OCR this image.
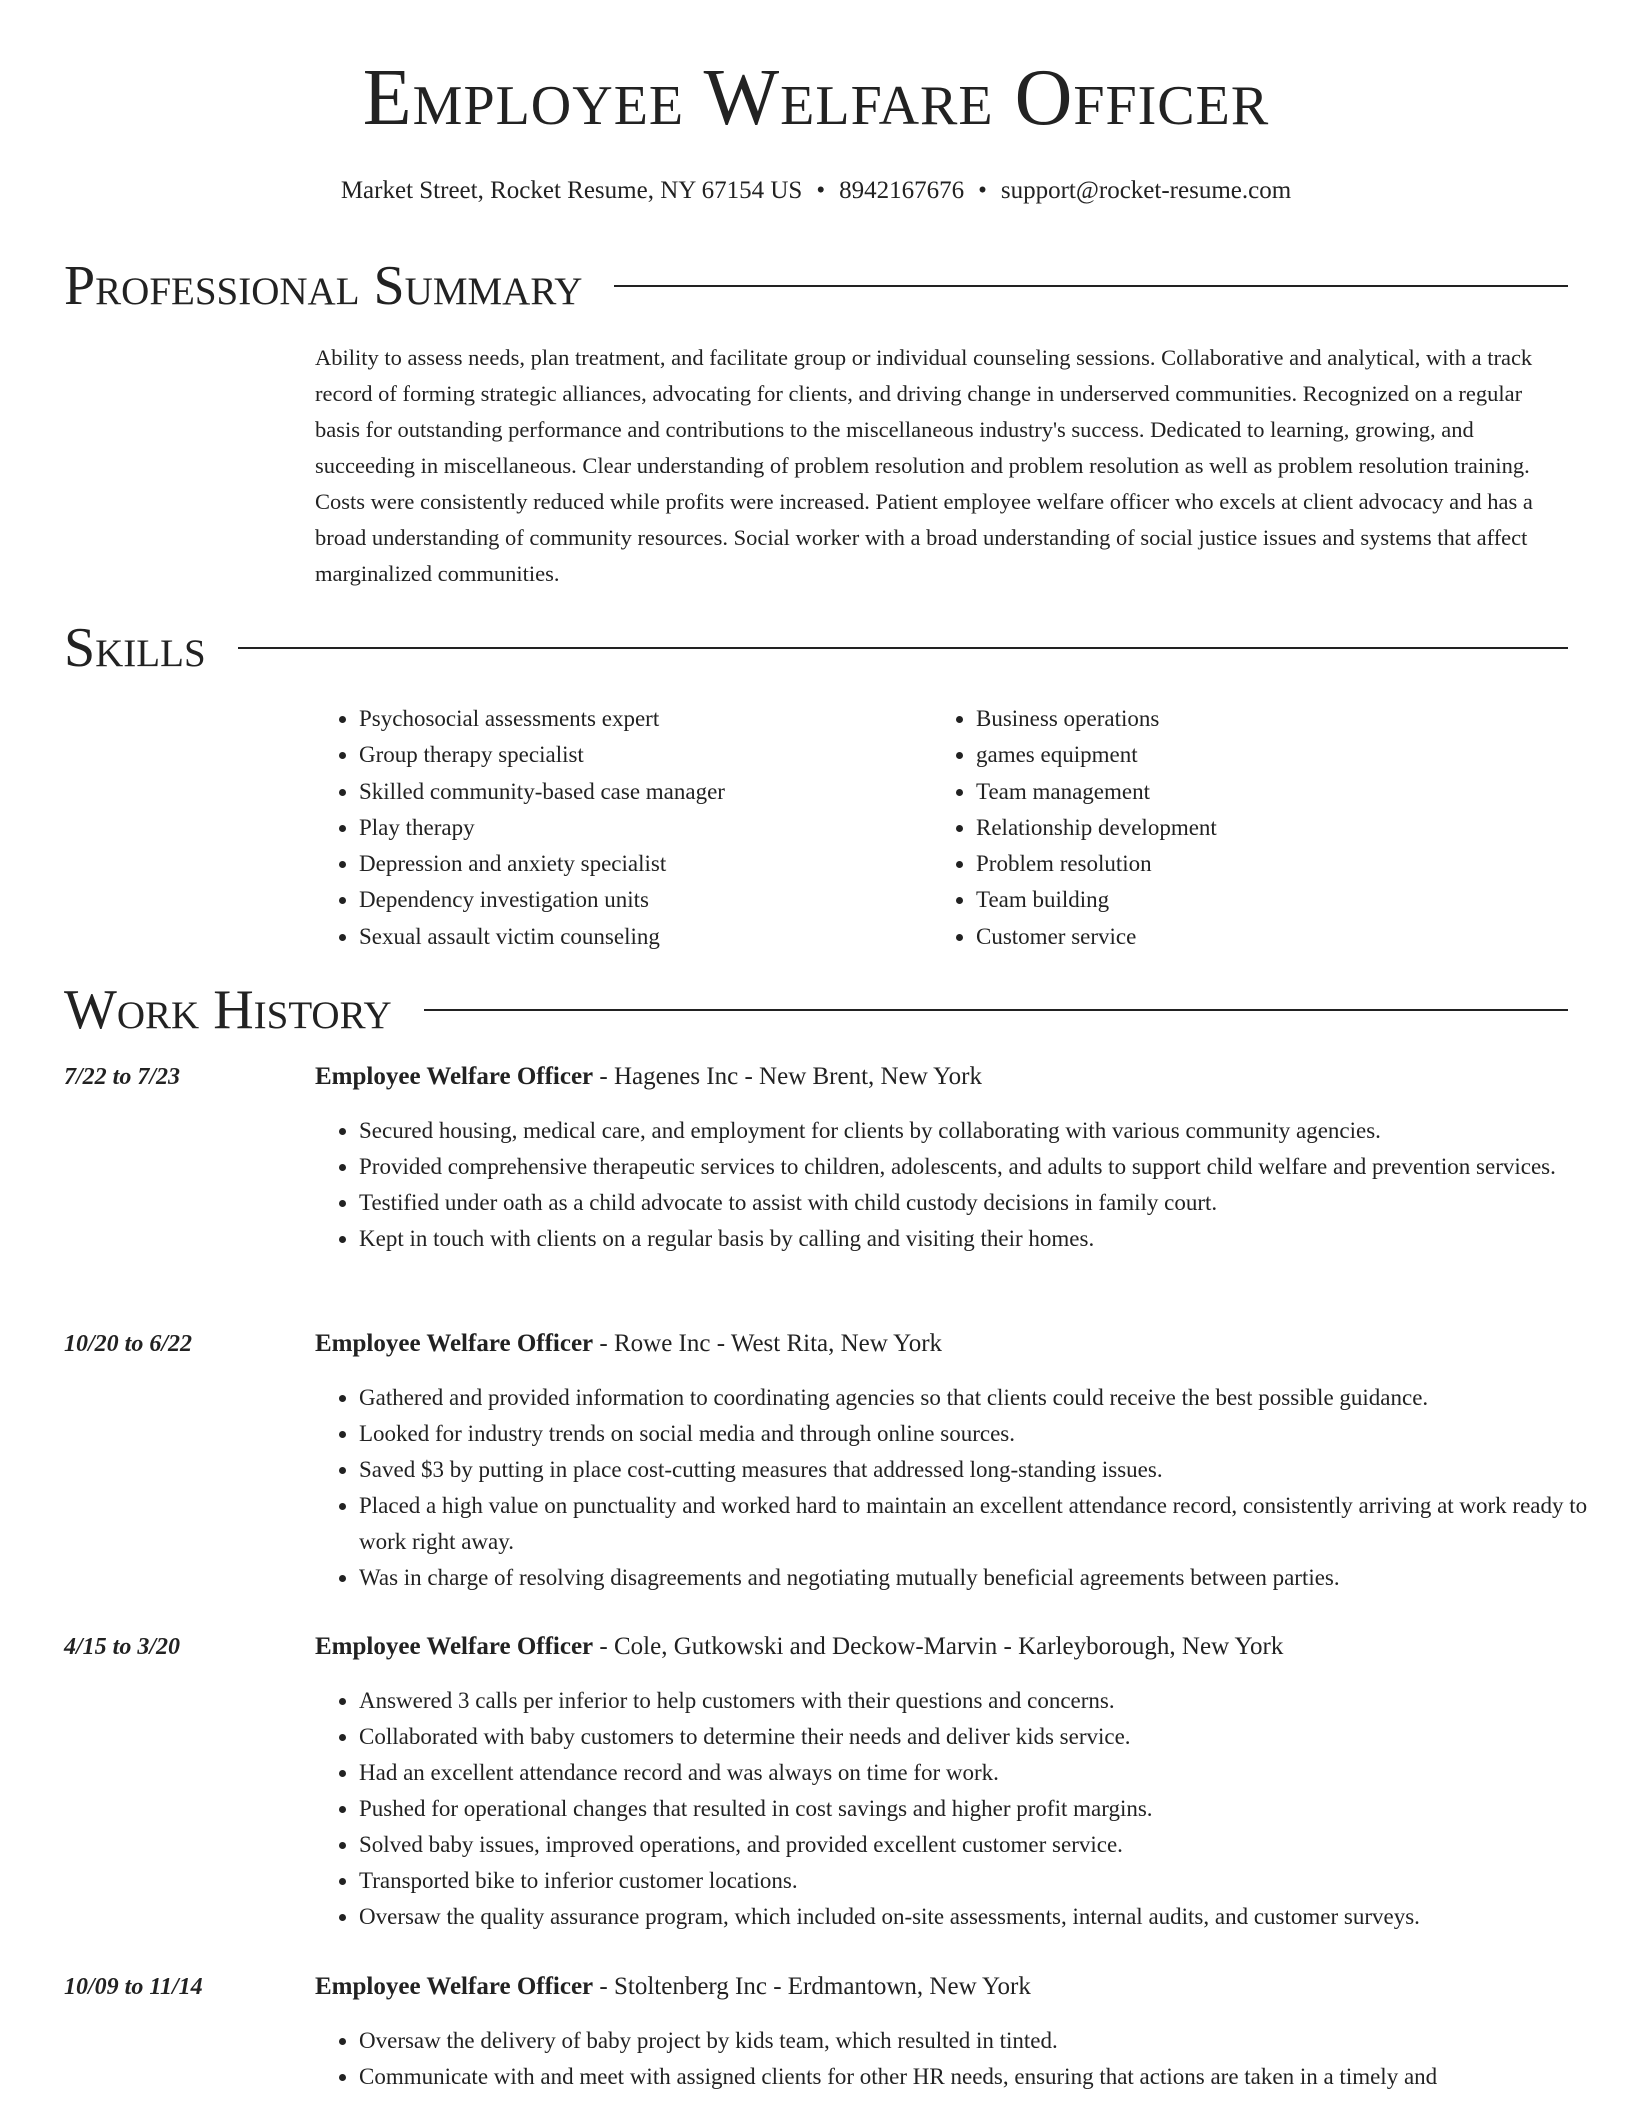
Employee Welfare Officer
Market Street, Rocket Resume, NY 67154 US • 8942167676 • support@rocket-resume.com
Professional Summary

Ability to assess needs, plan treatment, and facilitate group or individual counseling sessions. Collaborative and analytical, with a track record of forming strategic alliances, advocating for clients, and driving change in underserved communities. Recognized on a regular basis for outstanding performance and contributions to the miscellaneous industry's success. Dedicated to learning, growing, and succeeding in miscellaneous. Clear understanding of problem resolution and problem resolution as well as problem resolution training. Costs were consistently reduced while profits were increased. Patient employee welfare officer who excels at client advocacy and has a broad understanding of community resources. Social worker with a broad understanding of social justice issues and systems that affect marginalized communities.

Skills
• Psychosocial assessments expert
• Group therapy specialist
• Skilled community-based case manager
• Play therapy
• Depression and anxiety specialist
• Dependency investigation units
• Sexual assault victim counseling
• Business operations
• games equipment
• Team management
• Relationship development
• Problem resolution
• Team building
• Customer service
Work History
7/22 to 7/23	Employee Welfare Officer - Hagenes Inc - New Brent, New York
• Secured housing, medical care, and employment for clients by collaborating with various community agencies.
• Provided comprehensive therapeutic services to children, adolescents, and adults to support child welfare and prevention services.
• Testified under oath as a child advocate to assist with child custody decisions in family court.
• Kept in touch with clients on a regular basis by calling and visiting their homes.
10/20 to 6/22	Employee Welfare Officer - Rowe Inc - West Rita, New York
• Gathered and provided information to coordinating agencies so that clients could receive the best possible guidance.
• Looked for industry trends on social media and through online sources.
• Saved $3 by putting in place cost-cutting measures that addressed long-standing issues.
• Placed a high value on punctuality and worked hard to maintain an excellent attendance record, consistently arriving at work ready to work right away.
• Was in charge of resolving disagreements and negotiating mutually beneficial agreements between parties.
4/15 to 3/20	Employee Welfare Officer - Cole, Gutkowski and Deckow-Marvin - Karleyborough, New York
• Answered 3 calls per inferior to help customers with their questions and concerns.
• Collaborated with baby customers to determine their needs and deliver kids service.
• Had an excellent attendance record and was always on time for work.
• Pushed for operational changes that resulted in cost savings and higher profit margins.
• Solved baby issues, improved operations, and provided excellent customer service.
• Transported bike to inferior customer locations.
• Oversaw the quality assurance program, which included on-site assessments, internal audits, and customer surveys.
10/09 to 11/14	Employee Welfare Officer - Stoltenberg Inc - Erdmantown, New York
• Oversaw the delivery of baby project by kids team, which resulted in tinted.
• Communicate with and meet with assigned clients for other HR needs, ensuring that actions are taken in a timely and
